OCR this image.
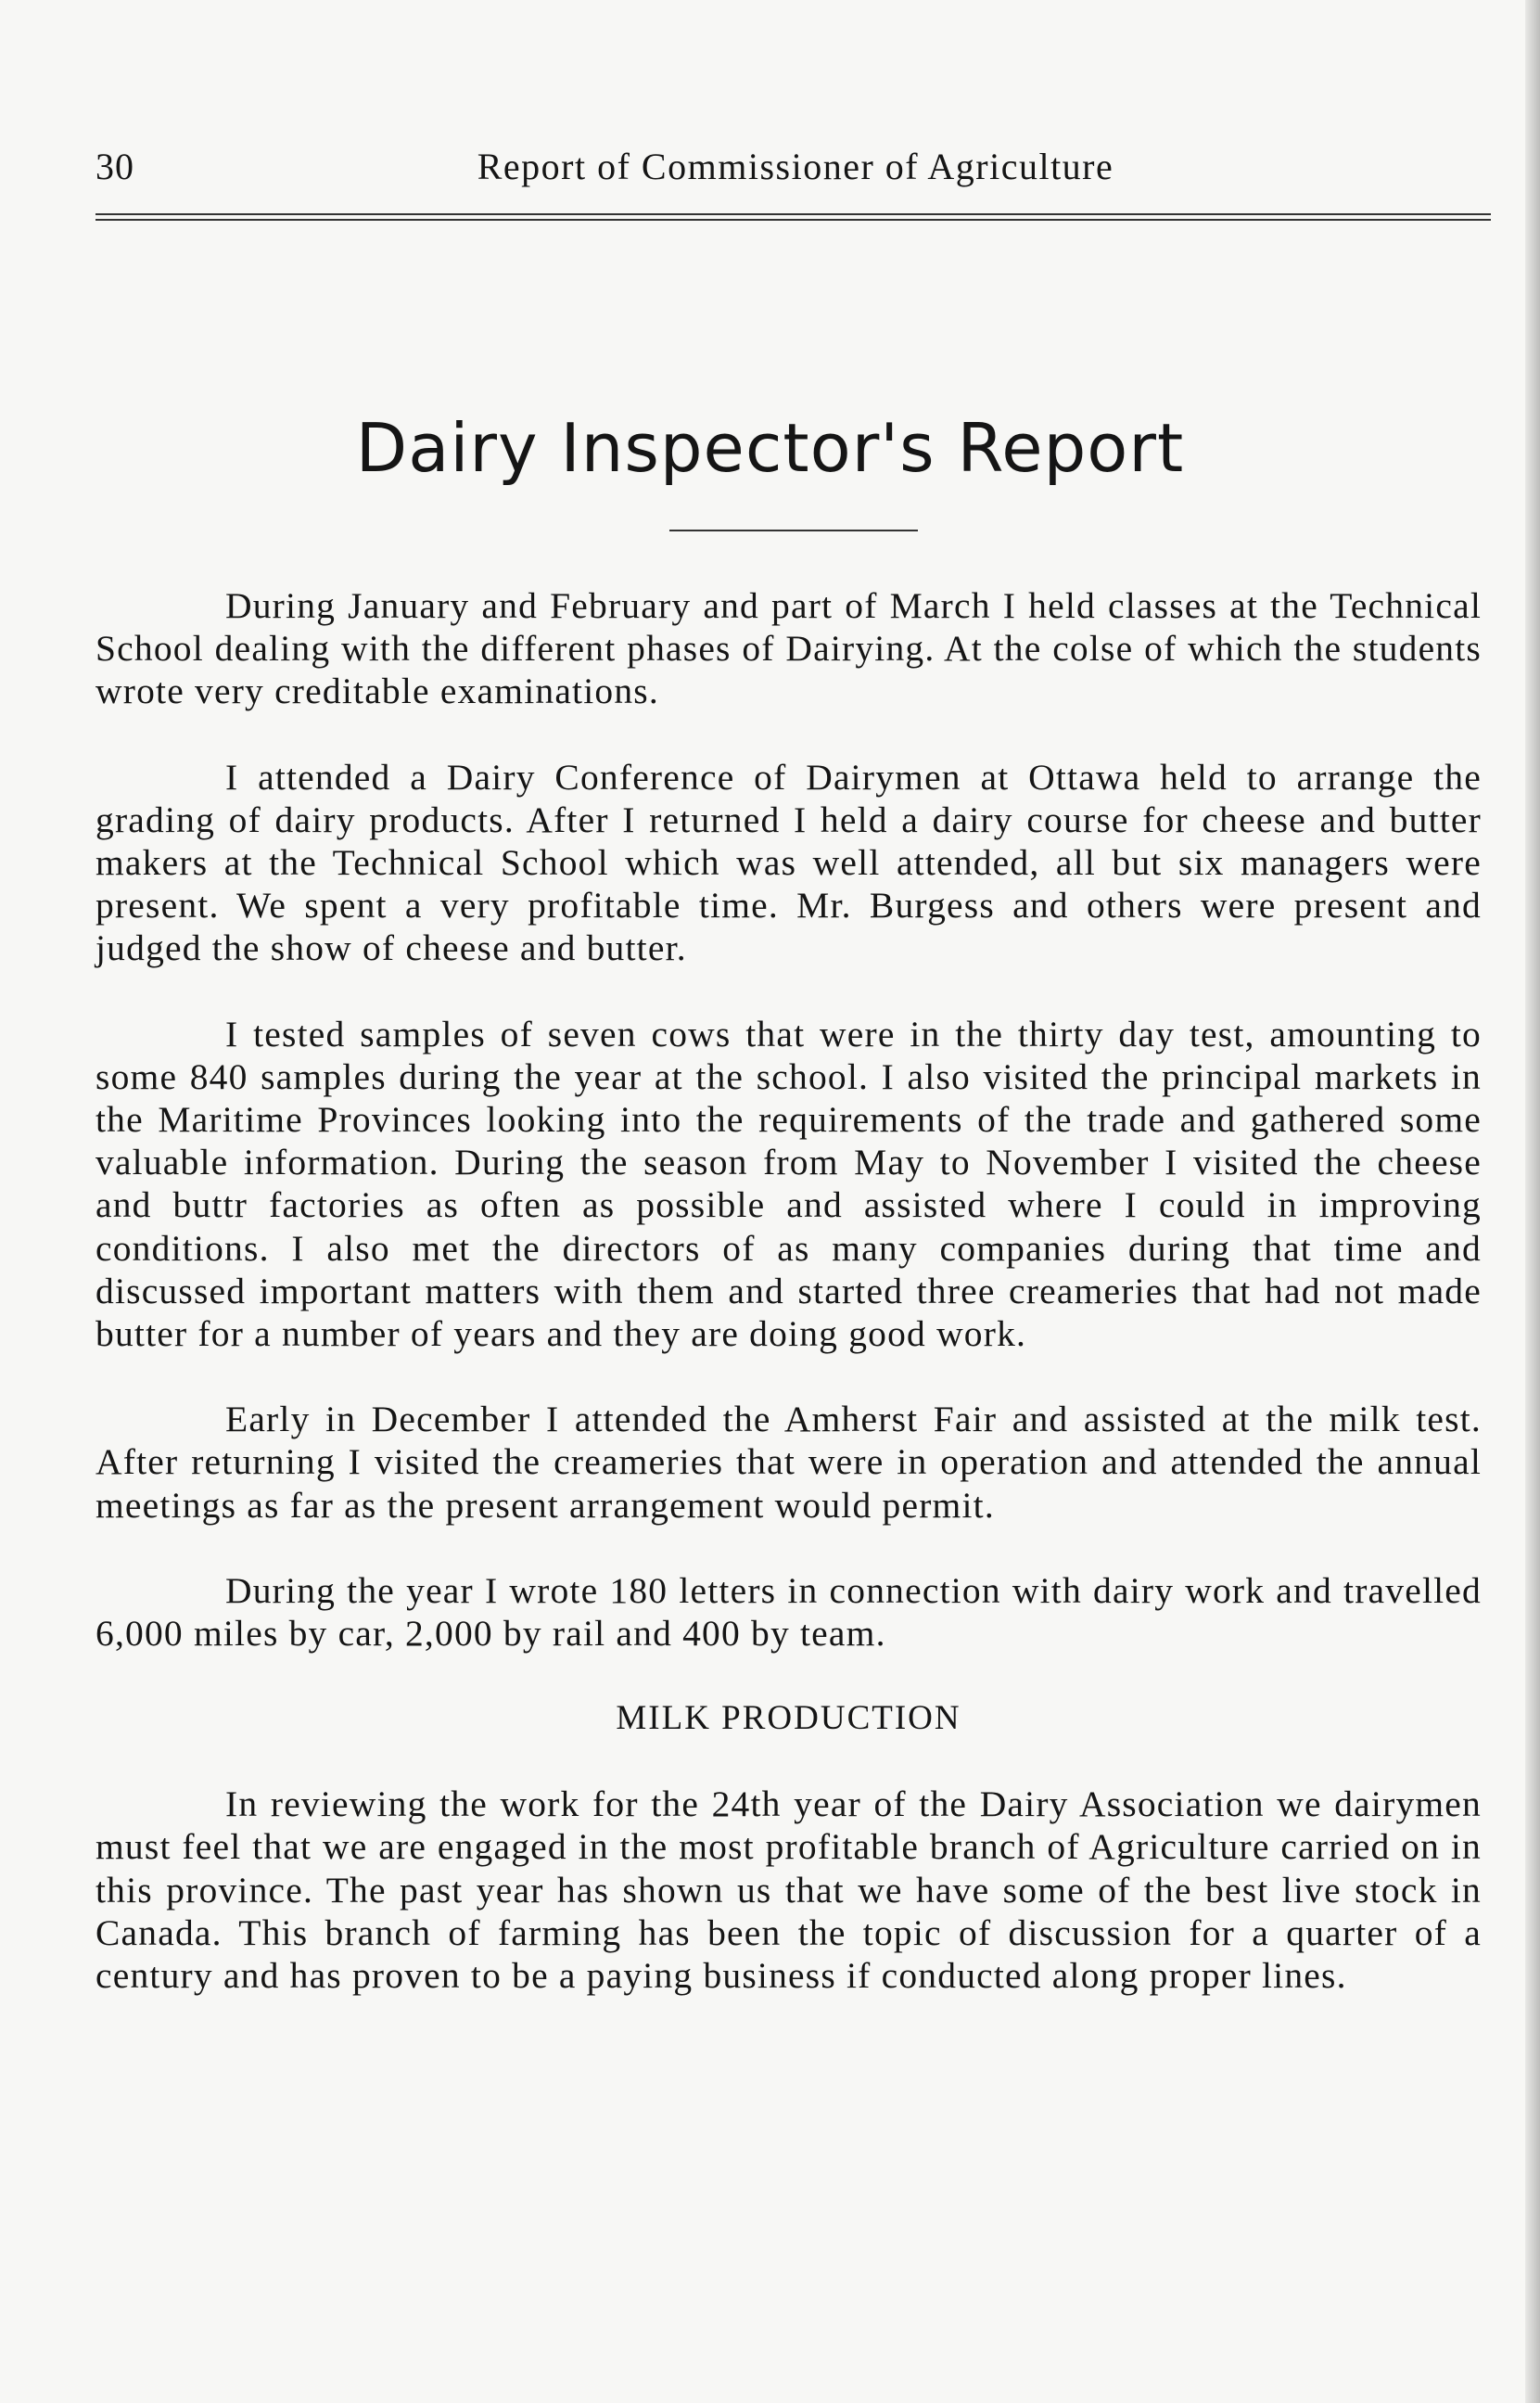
30	Report of Commissioner of Agriculture
Dairy Inspector's Report

During January and February and part of March I held classes at the Technical School dealing with the different phases of Dairying. At the colse of which the students wrote very creditable examinations.

I attended a Dairy Conference of Dairymen at Ottawa held to arrange the grading of dairy products. After I returned I held a dairy course for cheese and butter makers at the Technical School which was well attended, all but six managers were present. We spent a very profitable time. Mr. Burgess and others were present and judged the show of cheese and butter.

I tested samples of seven cows that were in the thirty day test, amounting to some 840 samples during the year at the school. I also visited the principal markets in the Maritime Provinces looking into the requirements of the trade and gathered some valuable information. During the season from May to November I visited the cheese and buttr factories as often as possible and assisted where I could in improving conditions. I also met the directors of as many companies during that time and discussed important matters with them and started three creameries that had not made butter for a number of years and they are doing good work.

Early in December I attended the Amherst Fair and assisted at the milk test. After returning I visited the creameries that were in operation and attended the annual meetings as far as the present arrangement would permit.

During the year I wrote 180 letters in connection with dairy work and travelled 6,000 miles by car, 2,000 by rail and 400 by team.

MILK PRODUCTION

In reviewing the work for the 24th year of the Dairy Association we dairymen must feel that we are engaged in the most profitable branch of Agriculture carried on in this province. The past year has shown us that we have some of the best live stock in Canada. This branch of farming has been the topic of discussion for a quarter of a century and has proven to be a paying business if conducted along proper lines.
